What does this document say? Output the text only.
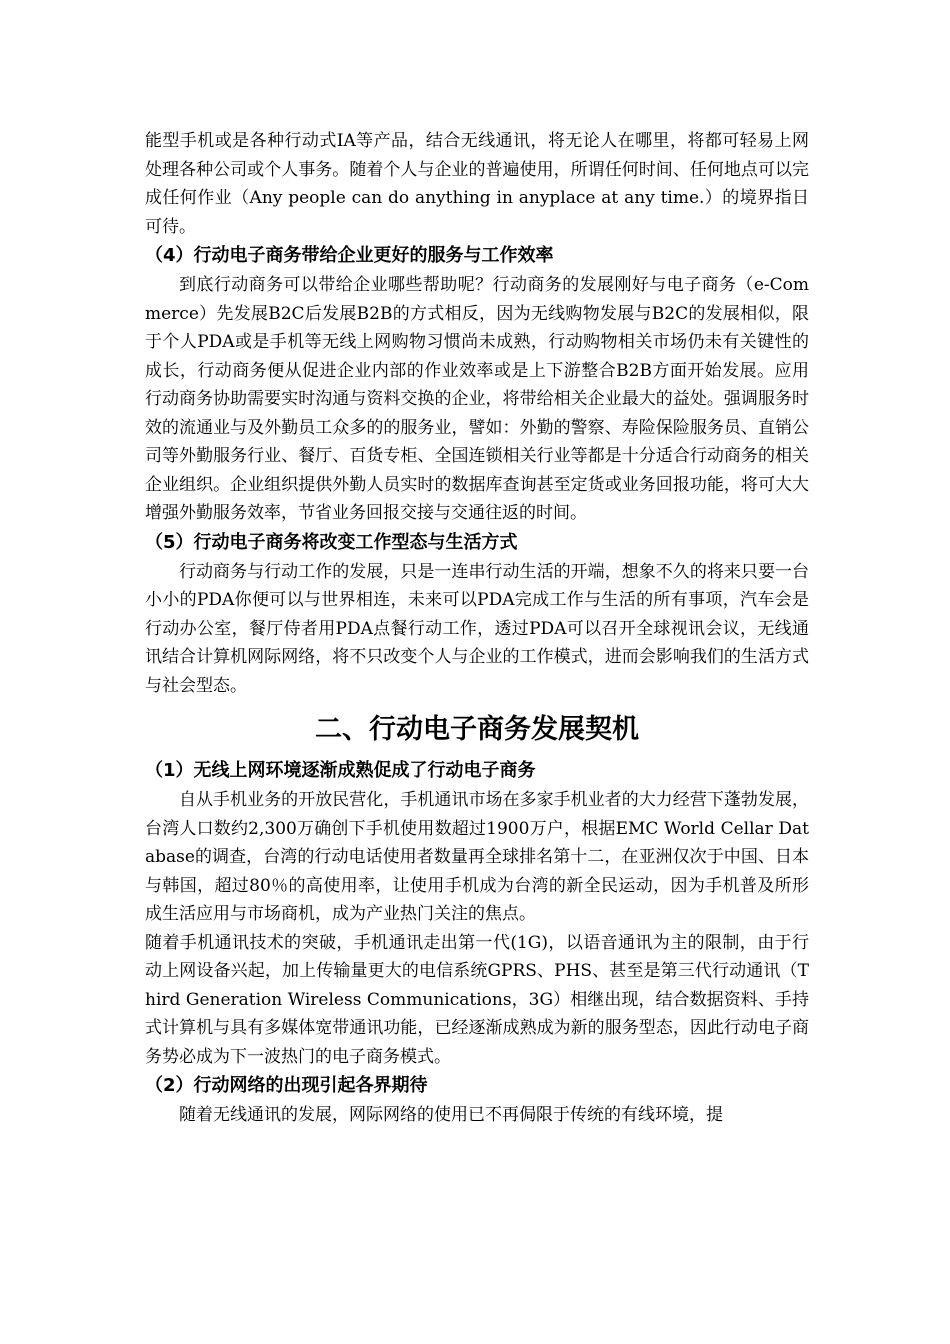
能型手机或是各种行动式IA等产品，结合无线通讯，将无论人在哪里，将都可轻易上网处理各种公司或个人事务。随着个人与企业的普遍使用，所谓任何时间、任何地点可以完成任何作业（Any people can do anything in anyplace at any time.）的境界指日可待。

（4）行动电子商务带给企业更好的服务与工作效率

到底行动商务可以带给企业哪些帮助呢？行动商务的发展刚好与电子商务（e-Commerce）先发展B2C后发展B2B的方式相反，因为无线购物发展与B2C的发展相似，限于个人PDA或是手机等无线上网购物习惯尚未成熟，行动购物相关市场仍未有关键性的成长，行动商务便从促进企业内部的作业效率或是上下游整合B2B方面开始发展。应用行动商务协助需要实时沟通与资料交换的企业，将带给相关企业最大的益处。强调服务时效的流通业与及外勤员工众多的的服务业，譬如：外勤的警察、寿险保险服务员、直销公司等外勤服务行业、餐厅、百货专柜、全国连锁相关行业等都是十分适合行动商务的相关企业组织。企业组织提供外勤人员实时的数据库查询甚至定货或业务回报功能，将可大大增强外勤服务效率，节省业务回报交接与交通往返的时间。

（5）行动电子商务将改变工作型态与生活方式

行动商务与行动工作的发展，只是一连串行动生活的开端，想象不久的将来只要一台小小的PDA你便可以与世界相连，未来可以PDA完成工作与生活的所有事项，汽车会是行动办公室，餐厅侍者用PDA点餐行动工作，透过PDA可以召开全球视讯会议，无线通讯结合计算机网际网络，将不只改变个人与企业的工作模式，进而会影响我们的生活方式与社会型态。

二、行动电子商务发展契机

（1）无线上网环境逐渐成熟促成了行动电子商务

自从手机业务的开放民营化，手机通讯市场在多家手机业者的大力经营下蓬勃发展，台湾人口数约2,300万确创下手机使用数超过1900万户，根据EMC World Cellar Database的调查，台湾的行动电话使用者数量再全球排名第十二，在亚洲仅次于中国、日本与韩国，超过80％的高使用率，让使用手机成为台湾的新全民运动，因为手机普及所形成生活应用与市场商机，成为产业热门关注的焦点。

随着手机通讯技术的突破，手机通讯走出第一代(1G)，以语音通讯为主的限制，由于行动上网设备兴起，加上传输量更大的电信系统GPRS、PHS、甚至是第三代行动通讯（Third Generation Wireless Communications，3G）相继出现，结合数据资料、手持式计算机与具有多媒体宽带通讯功能，已经逐渐成熟成为新的服务型态，因此行动电子商务势必成为下一波热门的电子商务模式。

（2）行动网络的出现引起各界期待

随着无线通讯的发展，网际网络的使用已不再侷限于传统的有线环境，提
